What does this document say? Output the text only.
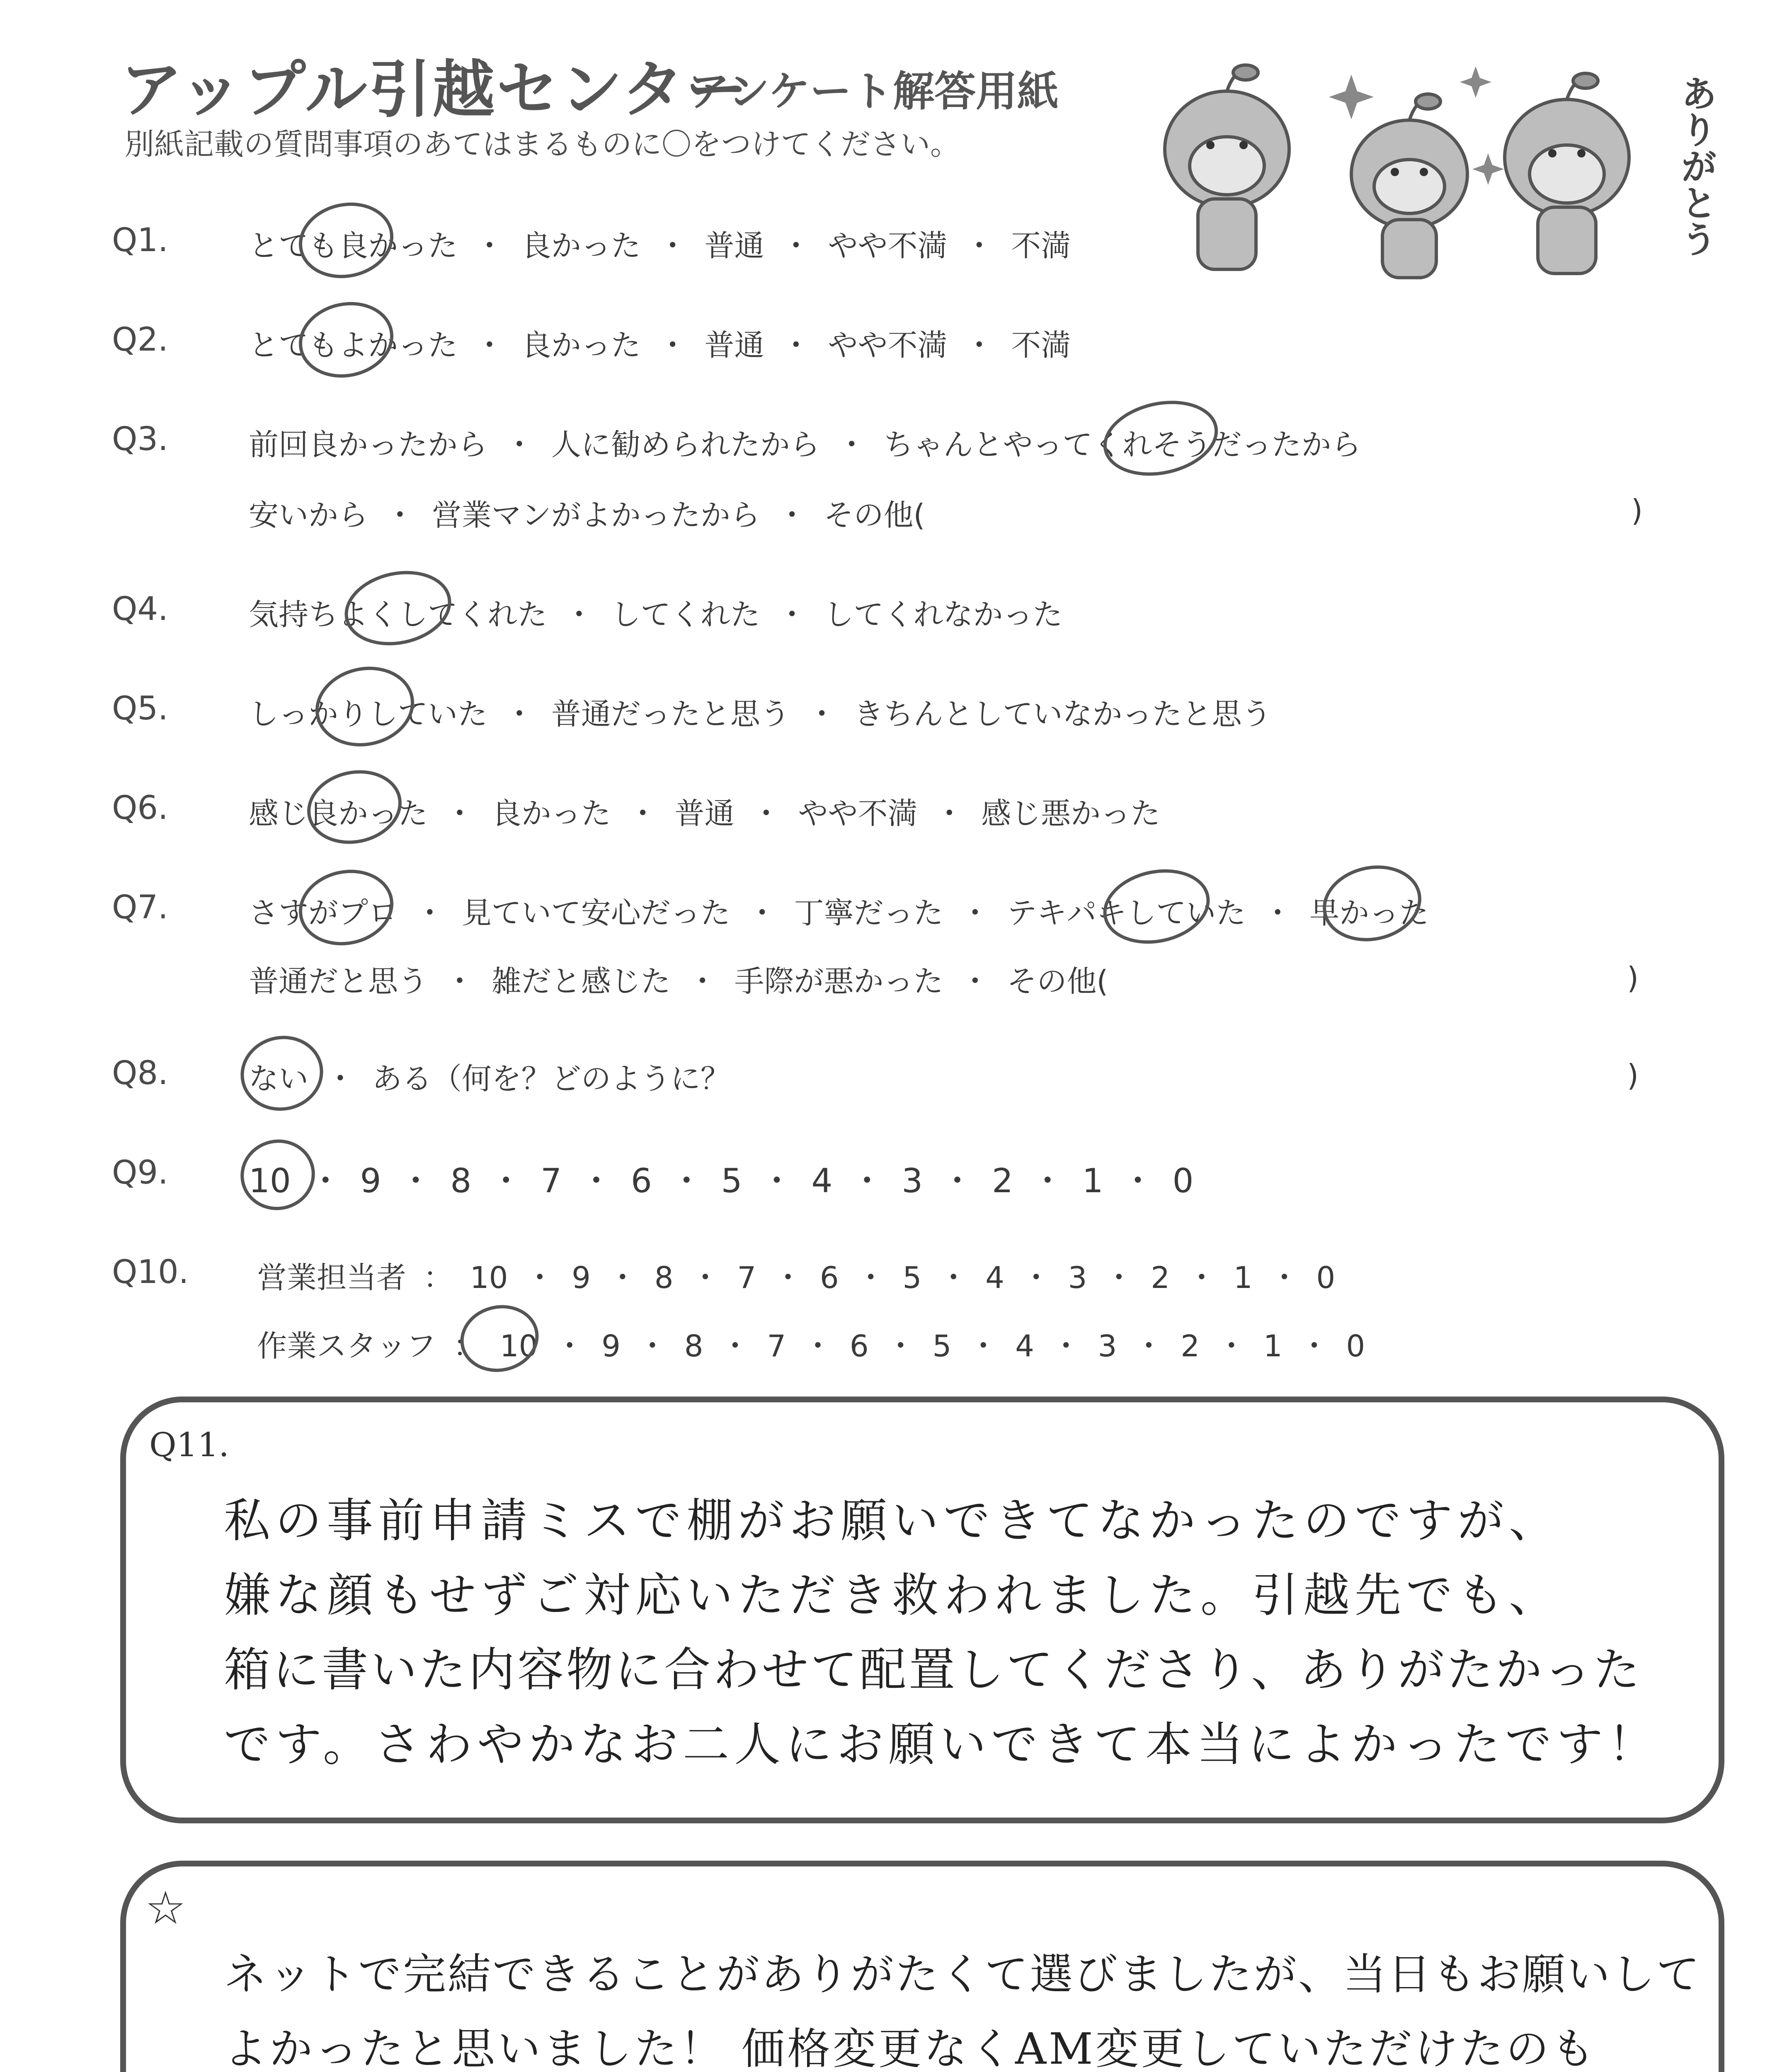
アップル引越センター
アンケート解答用紙
別紙記載の質問事項のあてはまるものに〇をつけてください。	ありがとう
Q1.	とても良かった ・ 良かった ・ 普通 ・ やや不満 ・ 不満
Q2.	とてもよかった ・ 良かった ・ 普通 ・ やや不満 ・ 不満
Q3.	前回良かったから ・ 人に勧められたから ・ ちゃんとやってくれそうだったから
安いから ・ 営業マンがよかったから ・ その他(	)
Q4.	気持ちよくしてくれた ・ してくれた ・ してくれなかった
Q5.	しっかりしていた ・ 普通だったと思う ・ きちんとしていなかったと思う
Q6.	感じ良かった ・ 良かった ・ 普通 ・ やや不満 ・ 感じ悪かった
Q7.	さすがプロ ・ 見ていて安心だった ・ 丁寧だった ・ テキパキしていた ・ 早かった
普通だと思う ・ 雑だと感じた ・ 手際が悪かった ・ その他(	)
Q8.	ない ・ ある（何を？どのように？	)
Q9. 10 ・ 9 ・ 8 ・ 7 ・ 6 ・ 5 ・ 4 ・ 3 ・ 2 ・ 1 ・ 0
Q10. 営業担当者 ： 10 ・ 9 ・ 8 ・ 7 ・ 6 ・ 5 ・ 4 ・ 3 ・ 2 ・ 1 ・ 0
作業スタッフ ： 10 ・ 9 ・ 8 ・ 7 ・ 6 ・ 5 ・ 4 ・ 3 ・ 2 ・ 1 ・ 0
Q11.
私の事前申請ミスで棚がお願いできてなかったのですが、
嫌な顔もせずご対応いただき救われました。引越先でも、
箱に書いた内容物に合わせて配置してくださり、ありがたかった
です。さわやかなお二人にお願いできて本当によかったです！
☆
ネットで完結できることがありがたくて選びましたが、当日もお願いして
よかったと思いました！ 価格変更なくAM変更していただけたのも
